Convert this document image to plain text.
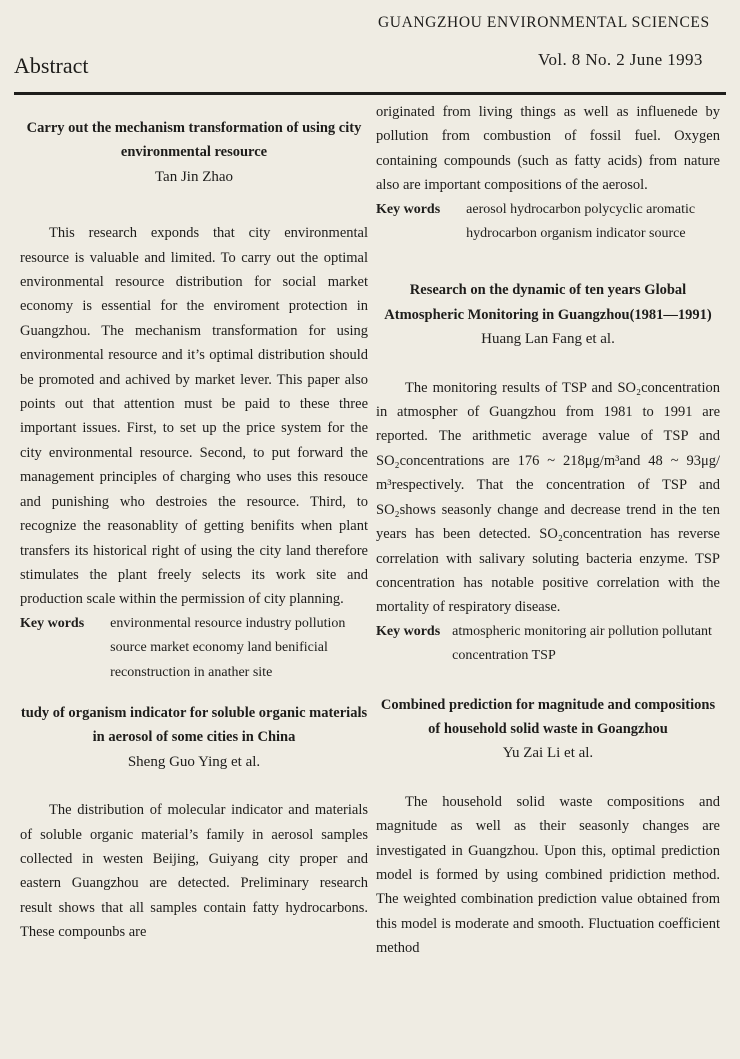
GUANGZHOU ENVIRONMENTAL SCIENCES
Abstract	Vol. 8 No. 2 June 1993

Carry out the mechanism transformation of using city environmental resource

Tan Jin Zhao

This research exponds that city environmental resource is valuable and limited. To carry out the optimal environmental resource distribution for social market economy is essential for the enviroment protection in Guangzhou. The mechanism transformation for using environmental resource and it’s optimal distribution should be promoted and achived by market lever. This paper also points out that attention must be paid to these three important issues. First, to set up the price system for the city environmental resource. Second, to put forward the management principles of charging who uses this resouce and punishing who destroies the resource. Third, to recognize the reasonablity of getting benifits when plant transfers its historical right of using the city land therefore stimulates the plant freely selects its work site and production scale within the permission of city planning.

Key words	environmental resource industry pollution source market economy land benificial reconstruction in anather site

tudy of organism indicator for soluble organic materials in aerosol of some cities in China

Sheng Guo Ying et al.

The distribution of molecular indicator and materials of soluble organic material’s family in aerosol samples collected in westen Beijing, Guiyang city proper and eastern Guangzhou are detected. Preliminary research result shows that all samples contain fatty hydrocarbons. These compounbs are

originated from living things as well as influenede by pollution from combustion of fossil fuel. Oxygen containing compounds (such as fatty acids) from nature also are important compositions of the aerosol.

Key words	aerosol hydrocarbon polycyclic aromatic hydrocarbon organism indicator source

Research on the dynamic of ten years Global Atmospheric Monitoring in Guangzhou(1981—1991)

Huang Lan Fang et al.

The monitoring results of TSP and SO₂concentration in atmospher of Guangzhou from 1981 to 1991 are reported. The arithmetic average value of TSP and SO₂concentrations are 176 ~ 218μg/m³and 48 ~ 93μg/ m³respectively. That the concentration of TSP and SO₂shows seasonly change and decrease trend in the ten years has been detected. SO₂concentration has reverse correlation with salivary soluting bacteria enzyme. TSP concentration has notable positive correlation with the mortality of respiratory disease.

Key words atmospheric monitoring air pollution pollutant concentration TSP

Combined prediction for magnitude and compositions of household solid waste in Goangzhou

Yu Zai Li et al.

The household solid waste compositions and magnitude as well as their seasonly changes are investigated in Guangzhou. Upon this, optimal prediction model is formed by using combined pridiction method. The weighted combination prediction value obtained from this model is moderate and smooth. Fluctuation coefficient method
